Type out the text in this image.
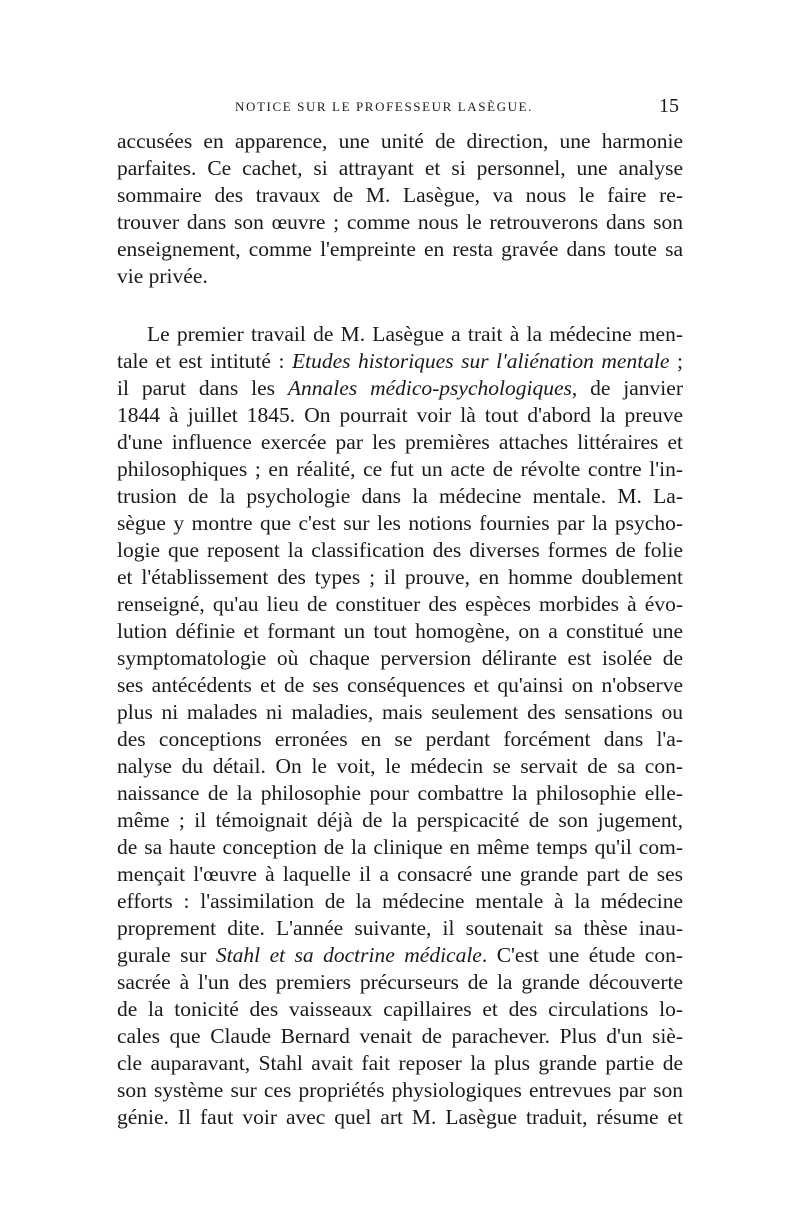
NOTICE SUR LE PROFESSEUR LASÈGUE.	15
accusées en apparence, une unité de direction, une harmonie
parfaites. Ce cachet, si attrayant et si personnel, une analyse
sommaire des travaux de M. Lasègue, va nous le faire re-
trouver dans son œuvre ; comme nous le retrouverons dans son
enseignement, comme l'empreinte en resta gravée dans toute sa
vie privée.
Le premier travail de M. Lasègue a trait à la médecine men-
tale et est intituté : Etudes historiques sur l'aliénation mentale ;
il parut dans les Annales médico-psychologiques, de janvier
1844 à juillet 1845. On pourrait voir là tout d'abord la preuve
d'une influence exercée par les premières attaches littéraires et
philosophiques ; en réalité, ce fut un acte de révolte contre l'in-
trusion de la psychologie dans la médecine mentale. M. La-
sègue y montre que c'est sur les notions fournies par la psycho-
logie que reposent la classification des diverses formes de folie
et l'établissement des types ; il prouve, en homme doublement
renseigné, qu'au lieu de constituer des espèces morbides à évo-
lution définie et formant un tout homogène, on a constitué une
symptomatologie où chaque perversion délirante est isolée de
ses antécédents et de ses conséquences et qu'ainsi on n'observe
plus ni malades ni maladies, mais seulement des sensations ou
des conceptions erronées en se perdant forcément dans l'a-
nalyse du détail. On le voit, le médecin se servait de sa con-
naissance de la philosophie pour combattre la philosophie elle-
même ; il témoignait déjà de la perspicacité de son jugement,
de sa haute conception de la clinique en même temps qu'il com-
mençait l'œuvre à laquelle il a consacré une grande part de ses
efforts : l'assimilation de la médecine mentale à la médecine
proprement dite. L'année suivante, il soutenait sa thèse inau-
gurale sur Stahl et sa doctrine médicale. C'est une étude con-
sacrée à l'un des premiers précurseurs de la grande découverte
de la tonicité des vaisseaux capillaires et des circulations lo-
cales que Claude Bernard venait de parachever. Plus d'un siè-
cle auparavant, Stahl avait fait reposer la plus grande partie de
son système sur ces propriétés physiologiques entrevues par son
génie. Il faut voir avec quel art M. Lasègue traduit, résume et
